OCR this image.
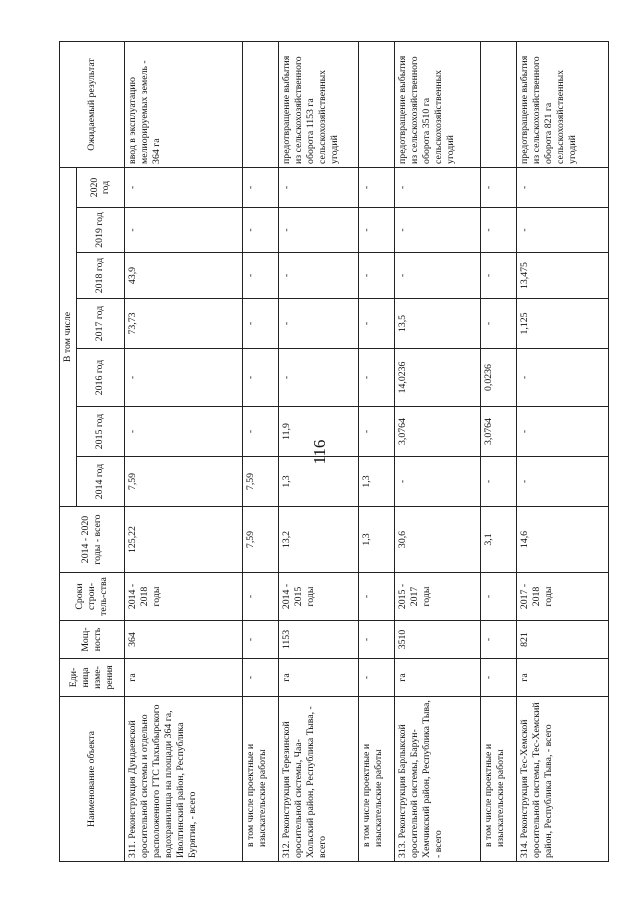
116
Наименование объекта	Еди-ница изме-рения	Мощ-ность	Сроки строи-тель-ства	2014 - 2020 годы - всего	В том числе							Ожидаемый результат
					2014 год	2015 год	2016 год	2017 год	2018 год	2019 год	2020 год	
311. Реконструкция Дундаевской оросительной системы и отдельно расположенного ГТС Тыхыбырского водохранилища на площади 364 га, Иволгинский район, Республика Бурятия, - всего	га	364	2014 - 2018 годы	125,22	7,59	-	-	73,73	43,9	-	-	ввод в эксплуатацию мелиорируемых земель - 364 га
в том числе проектные и изыскательские работы	-	-	-	7,59	7,59	-	-	-	-	-	-	
312. Реконструкция Терезинской оросительной системы, Чаа-Хольский район, Республика Тыва, - всего	га	1153	2014 - 2015 годы	13,2	1,3	11,9	-	-	-	-	-	предотвращение выбытия из сельскохозяйственного оборота 1153 га сельскохозяйственных угодий
в том числе проектные и изыскательские работы	-	-	-	1,3	1,3	-	-	-	-	-	-	
313. Реконструкция Барлыкской оросительной системы, Барун-Хемчикский район, Республика Тыва, - всего	га	3510	2015 - 2017 годы	30,6	-	3,0764	14,0236	13,5	-	-	-	предотвращение выбытия из сельскохозяйственного оборота 3510 га сельскохозяйственных угодий
в том числе проектные и изыскательские работы	-	-	-	3,1	-	3,0764	0,0236	-	-	-	-	
314. Реконструкция Тес-Хемской оросительной системы, Тес-Хемский район, Республика Тыва, - всего	га	821	2017 - 2018 годы	14,6	-	-	-	1,125	13,475	-	-	предотвращение выбытия из сельскохозяйственного оборота 821 га сельскохозяйственных угодий
